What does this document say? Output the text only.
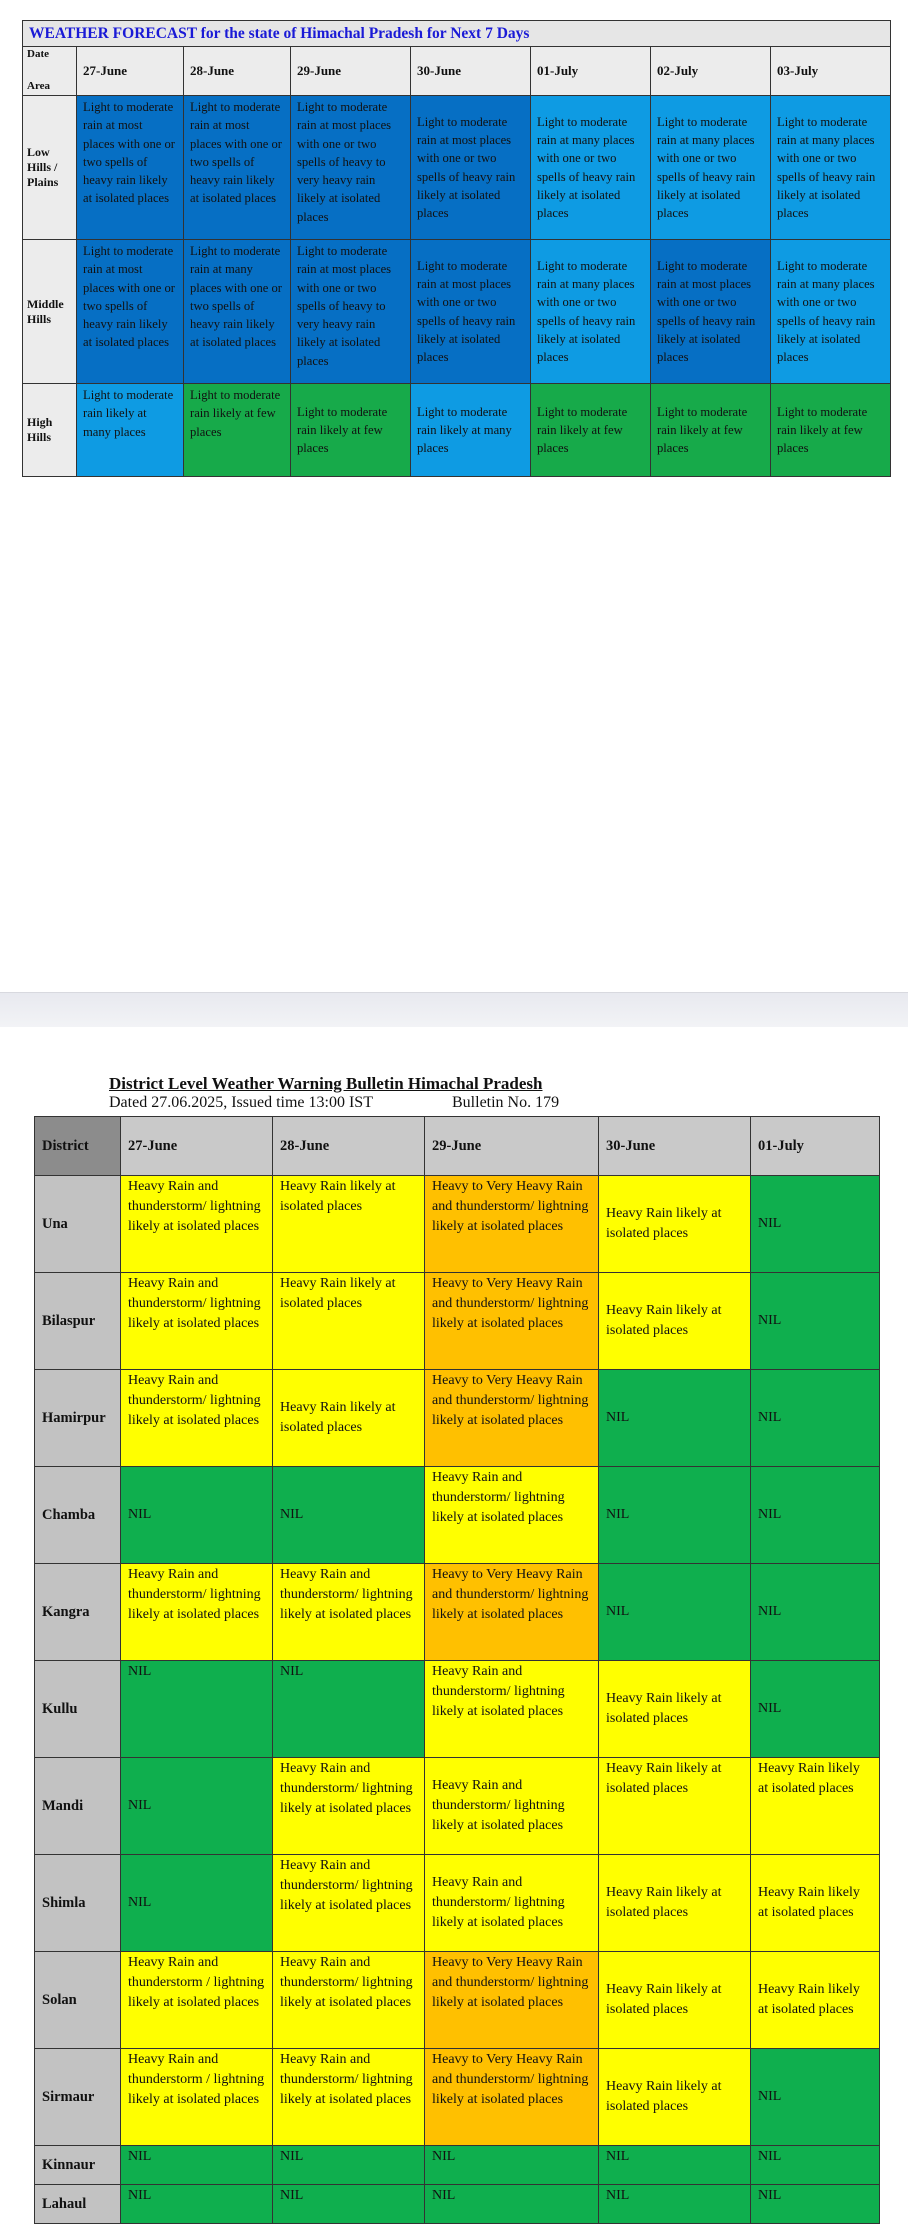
WEATHER FORECAST for the state of Himachal Pradesh for Next 7 Days							

Date
Area	27-June	28-June	29-June	30-June	01-July	02-July	03-July
Low Hills / Plains	Light to moderate rain at most places with one or two spells of heavy rain likely at isolated places	Light to moderate rain at most places with one or two spells of heavy rain likely at isolated places	Light to moderate rain at most places with one or two spells of heavy to very heavy rain likely at isolated places	Light to moderate rain at most places with one or two spells of heavy rain likely at isolated places	Light to moderate rain at many places with one or two spells of heavy rain likely at isolated places	Light to moderate rain at many places with one or two spells of heavy rain likely at isolated places	Light to moderate rain at many places with one or two spells of heavy rain likely at isolated places
Middle Hills	Light to moderate rain at most places with one or two spells of heavy rain likely at isolated places	Light to moderate rain at many places with one or two spells of heavy rain likely at isolated places	Light to moderate rain at most places with one or two spells of heavy to very heavy rain likely at isolated places	Light to moderate rain at most places with one or two spells of heavy rain likely at isolated places	Light to moderate rain at many places with one or two spells of heavy rain likely at isolated places	Light to moderate rain at most places with one or two spells of heavy rain likely at isolated places	Light to moderate rain at many places with one or two spells of heavy rain likely at isolated places
High Hills	Light to moderate rain likely at many places	Light to moderate rain likely at few places	Light to moderate rain likely at few places	Light to moderate rain likely at many places	Light to moderate rain likely at few places	Light to moderate rain likely at few places	Light to moderate rain likely at few places
District Level Weather Warning Bulletin Himachal Pradesh
Dated 27.06.2025, Issued time 13:00 IST	Bulletin No. 179
District	27-June	28-June	29-June	30-June	01-July
Una	Heavy Rain and thunderstorm/ lightning likely at isolated places	Heavy Rain likely at isolated places	Heavy to Very Heavy Rain and thunderstorm/ lightning likely at isolated places	Heavy Rain likely at isolated places	NIL
Bilaspur	Heavy Rain and thunderstorm/ lightning likely at isolated places	Heavy Rain likely at isolated places	Heavy to Very Heavy Rain and thunderstorm/ lightning likely at isolated places	Heavy Rain likely at isolated places	NIL
Hamirpur	Heavy Rain and thunderstorm/ lightning likely at isolated places	Heavy Rain likely at isolated places	Heavy to Very Heavy Rain and thunderstorm/ lightning likely at isolated places	NIL	NIL
Chamba	NIL	NIL	Heavy Rain and thunderstorm/ lightning likely at isolated places	NIL	NIL
Kangra	Heavy Rain and thunderstorm/ lightning likely at isolated places	Heavy Rain and thunderstorm/ lightning likely at isolated places	Heavy to Very Heavy Rain and thunderstorm/ lightning likely at isolated places	NIL	NIL
Kullu	NIL	NIL	Heavy Rain and thunderstorm/ lightning likely at isolated places	Heavy Rain likely at isolated places	NIL
Mandi	NIL	Heavy Rain and thunderstorm/ lightning likely at isolated places	Heavy Rain and thunderstorm/ lightning likely at isolated places	Heavy Rain likely at isolated places	Heavy Rain likely at isolated places
Shimla	NIL	Heavy Rain and thunderstorm/ lightning likely at isolated places	Heavy Rain and thunderstorm/ lightning likely at isolated places	Heavy Rain likely at isolated places	Heavy Rain likely at isolated places
Solan	Heavy Rain and thunderstorm / lightning likely at isolated places	Heavy Rain and thunderstorm/ lightning likely at isolated places	Heavy to Very Heavy Rain and thunderstorm/ lightning likely at isolated places	Heavy Rain likely at isolated places	Heavy Rain likely at isolated places
Sirmaur	Heavy Rain and thunderstorm / lightning likely at isolated places	Heavy Rain and thunderstorm/ lightning likely at isolated places	Heavy to Very Heavy Rain and thunderstorm/ lightning likely at isolated places	Heavy Rain likely at isolated places	NIL
Kinnaur	NIL	NIL	NIL	NIL	NIL
Lahaul	NIL	NIL	NIL	NIL	NIL
